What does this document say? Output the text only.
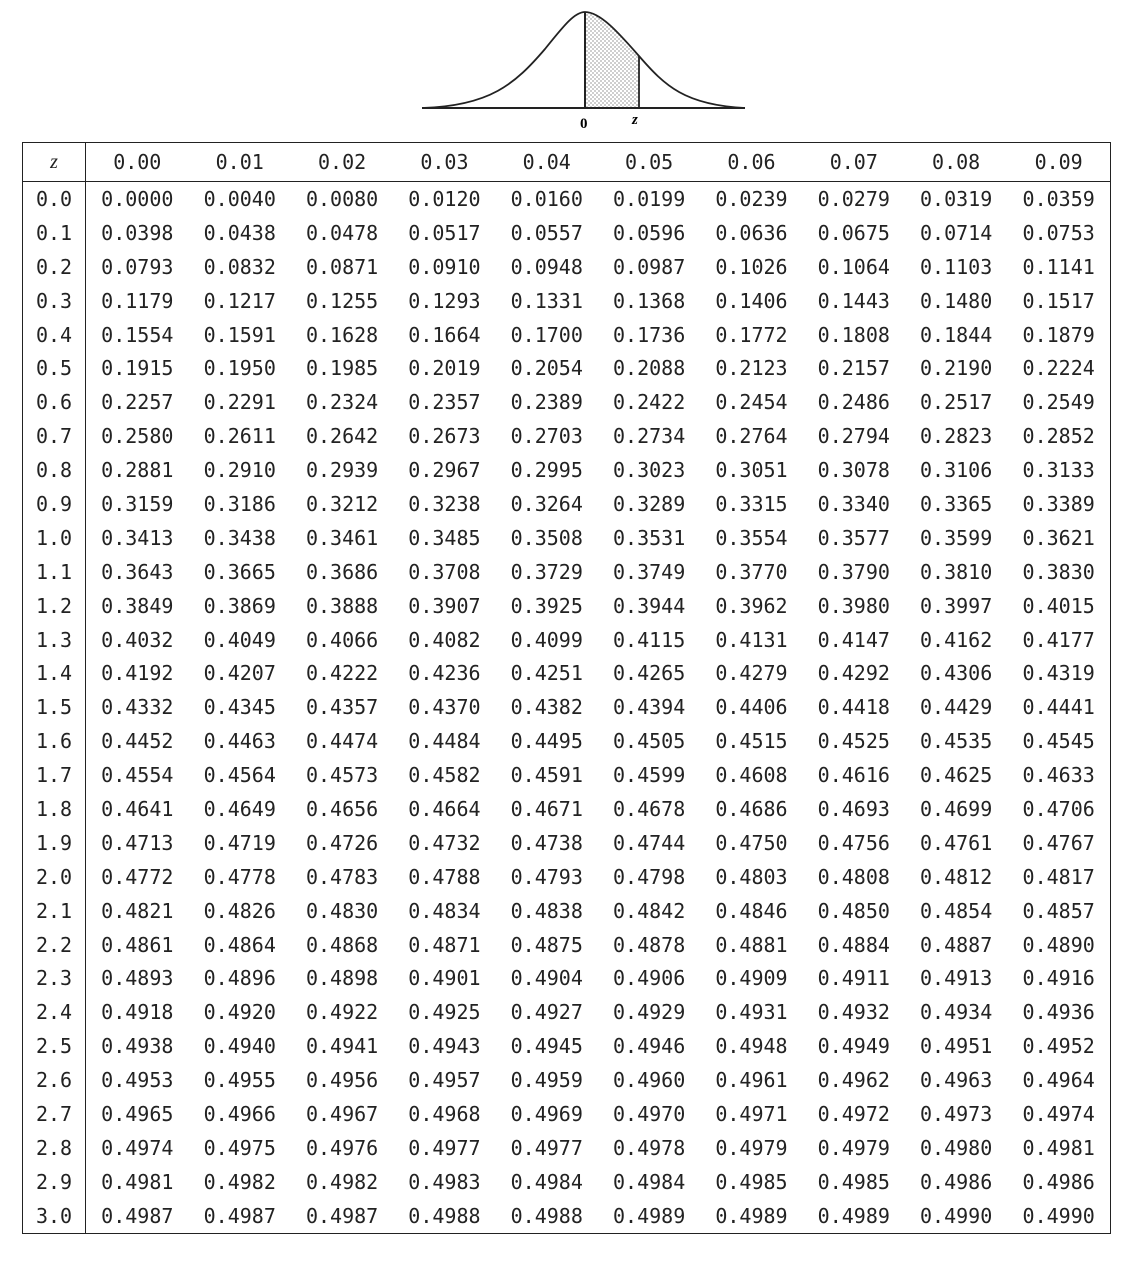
0	z
z	0.00	0.01	0.02	0.03	0.04	0.05	0.06	0.07	0.08	0.09
0.0	0.0000	0.0040	0.0080	0.0120	0.0160	0.0199	0.0239	0.0279	0.0319	0.0359
0.1	0.0398	0.0438	0.0478	0.0517	0.0557	0.0596	0.0636	0.0675	0.0714	0.0753
0.2	0.0793	0.0832	0.0871	0.0910	0.0948	0.0987	0.1026	0.1064	0.1103	0.1141
0.3	0.1179	0.1217	0.1255	0.1293	0.1331	0.1368	0.1406	0.1443	0.1480	0.1517
0.4	0.1554	0.1591	0.1628	0.1664	0.1700	0.1736	0.1772	0.1808	0.1844	0.1879
0.5	0.1915	0.1950	0.1985	0.2019	0.2054	0.2088	0.2123	0.2157	0.2190	0.2224
0.6	0.2257	0.2291	0.2324	0.2357	0.2389	0.2422	0.2454	0.2486	0.2517	0.2549
0.7	0.2580	0.2611	0.2642	0.2673	0.2703	0.2734	0.2764	0.2794	0.2823	0.2852
0.8	0.2881	0.2910	0.2939	0.2967	0.2995	0.3023	0.3051	0.3078	0.3106	0.3133
0.9	0.3159	0.3186	0.3212	0.3238	0.3264	0.3289	0.3315	0.3340	0.3365	0.3389
1.0	0.3413	0.3438	0.3461	0.3485	0.3508	0.3531	0.3554	0.3577	0.3599	0.3621
1.1	0.3643	0.3665	0.3686	0.3708	0.3729	0.3749	0.3770	0.3790	0.3810	0.3830
1.2	0.3849	0.3869	0.3888	0.3907	0.3925	0.3944	0.3962	0.3980	0.3997	0.4015
1.3	0.4032	0.4049	0.4066	0.4082	0.4099	0.4115	0.4131	0.4147	0.4162	0.4177
1.4	0.4192	0.4207	0.4222	0.4236	0.4251	0.4265	0.4279	0.4292	0.4306	0.4319
1.5	0.4332	0.4345	0.4357	0.4370	0.4382	0.4394	0.4406	0.4418	0.4429	0.4441
1.6	0.4452	0.4463	0.4474	0.4484	0.4495	0.4505	0.4515	0.4525	0.4535	0.4545
1.7	0.4554	0.4564	0.4573	0.4582	0.4591	0.4599	0.4608	0.4616	0.4625	0.4633
1.8	0.4641	0.4649	0.4656	0.4664	0.4671	0.4678	0.4686	0.4693	0.4699	0.4706
1.9	0.4713	0.4719	0.4726	0.4732	0.4738	0.4744	0.4750	0.4756	0.4761	0.4767
2.0	0.4772	0.4778	0.4783	0.4788	0.4793	0.4798	0.4803	0.4808	0.4812	0.4817
2.1	0.4821	0.4826	0.4830	0.4834	0.4838	0.4842	0.4846	0.4850	0.4854	0.4857
2.2	0.4861	0.4864	0.4868	0.4871	0.4875	0.4878	0.4881	0.4884	0.4887	0.4890
2.3	0.4893	0.4896	0.4898	0.4901	0.4904	0.4906	0.4909	0.4911	0.4913	0.4916
2.4	0.4918	0.4920	0.4922	0.4925	0.4927	0.4929	0.4931	0.4932	0.4934	0.4936
2.5	0.4938	0.4940	0.4941	0.4943	0.4945	0.4946	0.4948	0.4949	0.4951	0.4952
2.6	0.4953	0.4955	0.4956	0.4957	0.4959	0.4960	0.4961	0.4962	0.4963	0.4964
2.7	0.4965	0.4966	0.4967	0.4968	0.4969	0.4970	0.4971	0.4972	0.4973	0.4974
2.8	0.4974	0.4975	0.4976	0.4977	0.4977	0.4978	0.4979	0.4979	0.4980	0.4981
2.9	0.4981	0.4982	0.4982	0.4983	0.4984	0.4984	0.4985	0.4985	0.4986	0.4986
3.0	0.4987	0.4987	0.4987	0.4988	0.4988	0.4989	0.4989	0.4989	0.4990	0.4990
